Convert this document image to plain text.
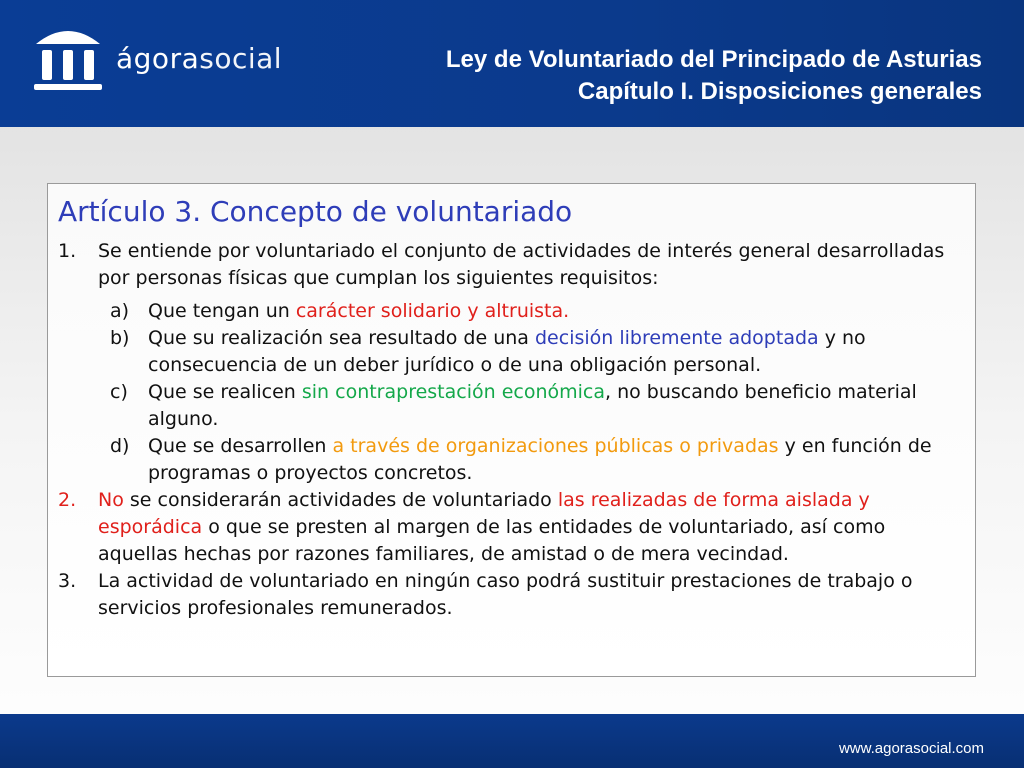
ágorasocial	Ley de Voluntariado del Principado de Asturias
Capítulo I. Disposiciones generales
Artículo 3. Concepto de voluntariado
1. Se entiende por voluntariado el conjunto de actividades de interés general desarrolladas por personas físicas que cumplan los siguientes requisitos:
a) Que tengan un carácter solidario y altruista.
b) Que su realización sea resultado de una decisión libremente adoptada y no consecuencia de un deber jurídico o de una obligación personal.
c) Que se realicen sin contraprestación económica, no buscando beneficio material alguno.
d) Que se desarrollen a través de organizaciones públicas o privadas y en función de programas o proyectos concretos.
2. No se considerarán actividades de voluntariado las realizadas de forma aislada y esporádica o que se presten al margen de las entidades de voluntariado, así como aquellas hechas por razones familiares, de amistad o de mera vecindad.
3. La actividad de voluntariado en ningún caso podrá sustituir prestaciones de trabajo o servicios profesionales remunerados.
www.agorasocial.com
